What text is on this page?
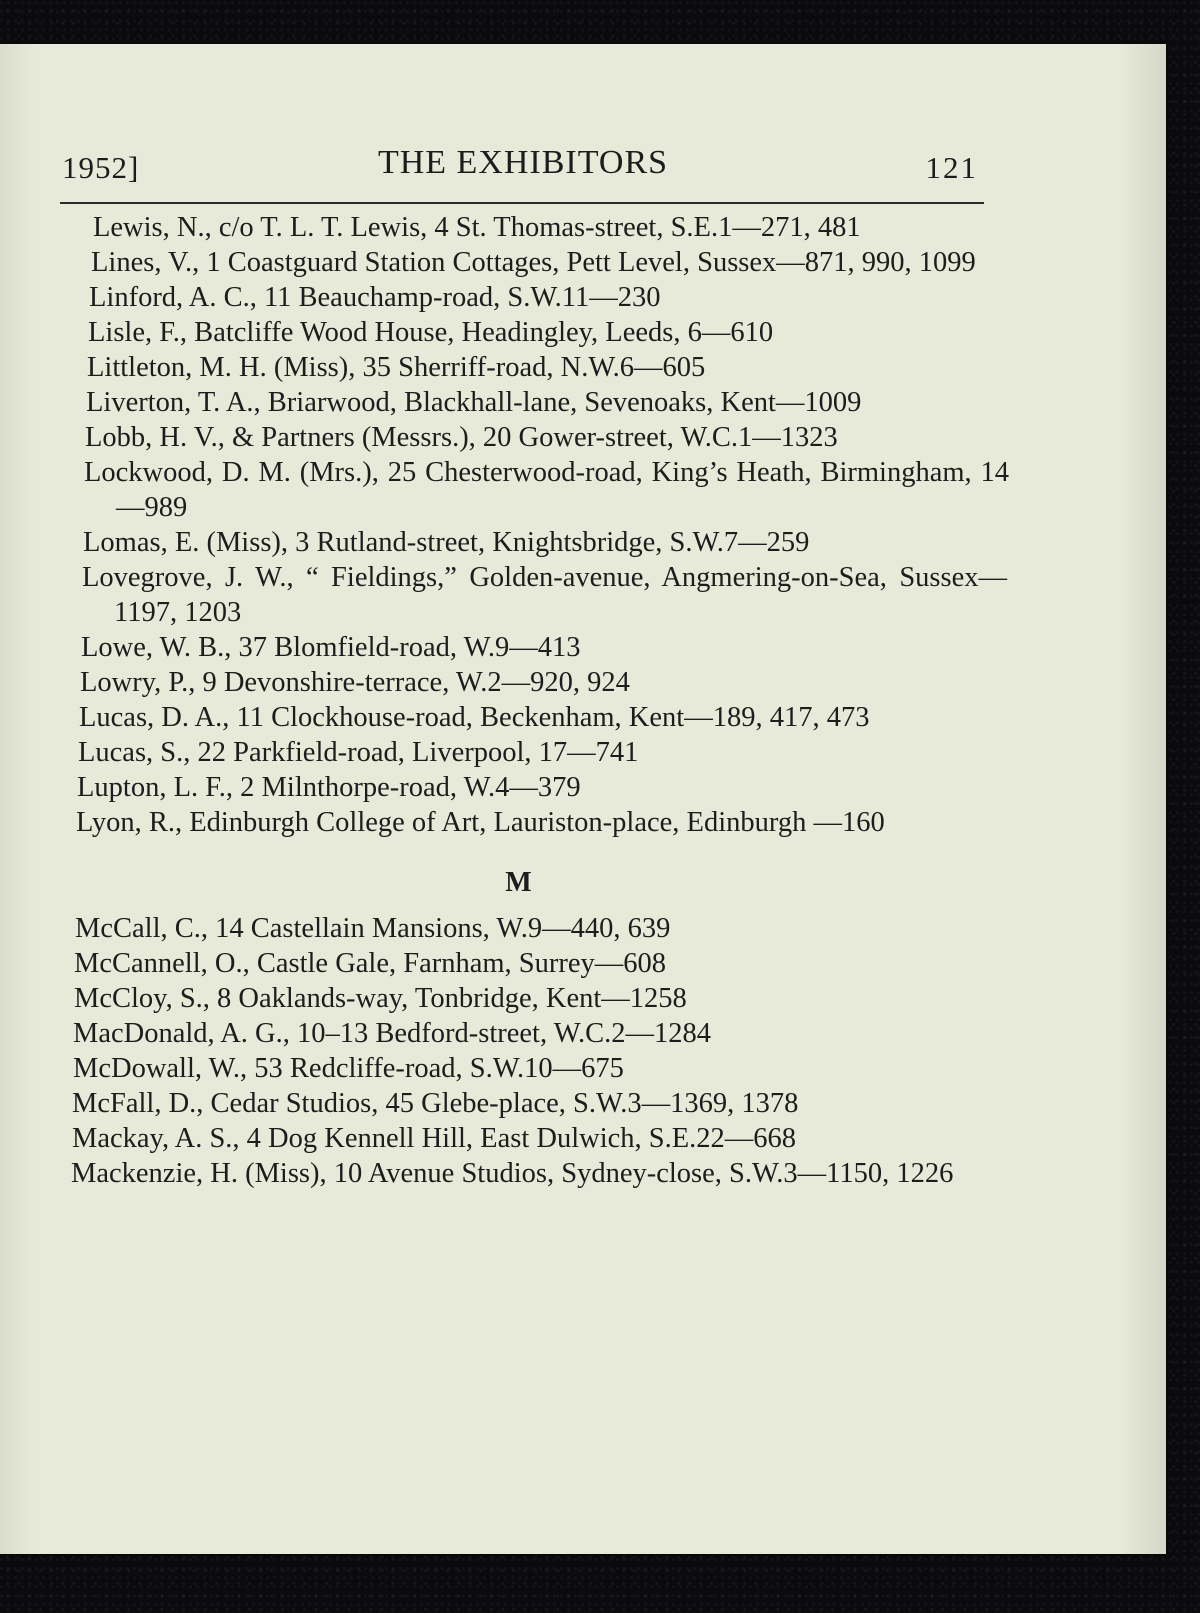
1952]	THE EXHIBITORS	121
Lewis, N., c/o T. L. T. Lewis, 4 St. Thomas-street, S.E.1—271, 481
Lines, V., 1 Coastguard Station Cottages, Pett Level, Sussex—871, 990, 1099
Linford, A. C., 11 Beauchamp-road, S.W.11—230
Lisle, F., Batcliffe Wood House, Headingley, Leeds, 6—610
Littleton, M. H. (Miss), 35 Sherriff-road, N.W.6—605
Liverton, T. A., Briarwood, Blackhall-lane, Sevenoaks, Kent—1009
Lobb, H. V., & Partners (Messrs.), 20 Gower-street, W.C.1—1323
Lockwood, D. M. (Mrs.), 25 Chesterwood-road, King’s Heath, Birmingham, 14—989
Lomas, E. (Miss), 3 Rutland-street, Knightsbridge, S.W.7—259
Lovegrove, J. W., “ Fieldings,” Golden-avenue, Angmering-on-Sea, Sussex—1197, 1203
Lowe, W. B., 37 Blomfield-road, W.9—413
Lowry, P., 9 Devonshire-terrace, W.2—920, 924
Lucas, D. A., 11 Clockhouse-road, Beckenham, Kent—189, 417, 473
Lucas, S., 22 Parkfield-road, Liverpool, 17—741
Lupton, L. F., 2 Milnthorpe-road, W.4—379
Lyon, R., Edinburgh College of Art, Lauriston-place, Edinburgh —160
M
McCall, C., 14 Castellain Mansions, W.9—440, 639
McCannell, O., Castle Gale, Farnham, Surrey—608
McCloy, S., 8 Oaklands-way, Tonbridge, Kent—1258
MacDonald, A. G., 10–13 Bedford-street, W.C.2—1284
McDowall, W., 53 Redcliffe-road, S.W.10—675
McFall, D., Cedar Studios, 45 Glebe-place, S.W.3—1369, 1378
Mackay, A. S., 4 Dog Kennell Hill, East Dulwich, S.E.22—668
Mackenzie, H. (Miss), 10 Avenue Studios, Sydney-close, S.W.3—1150, 1226
